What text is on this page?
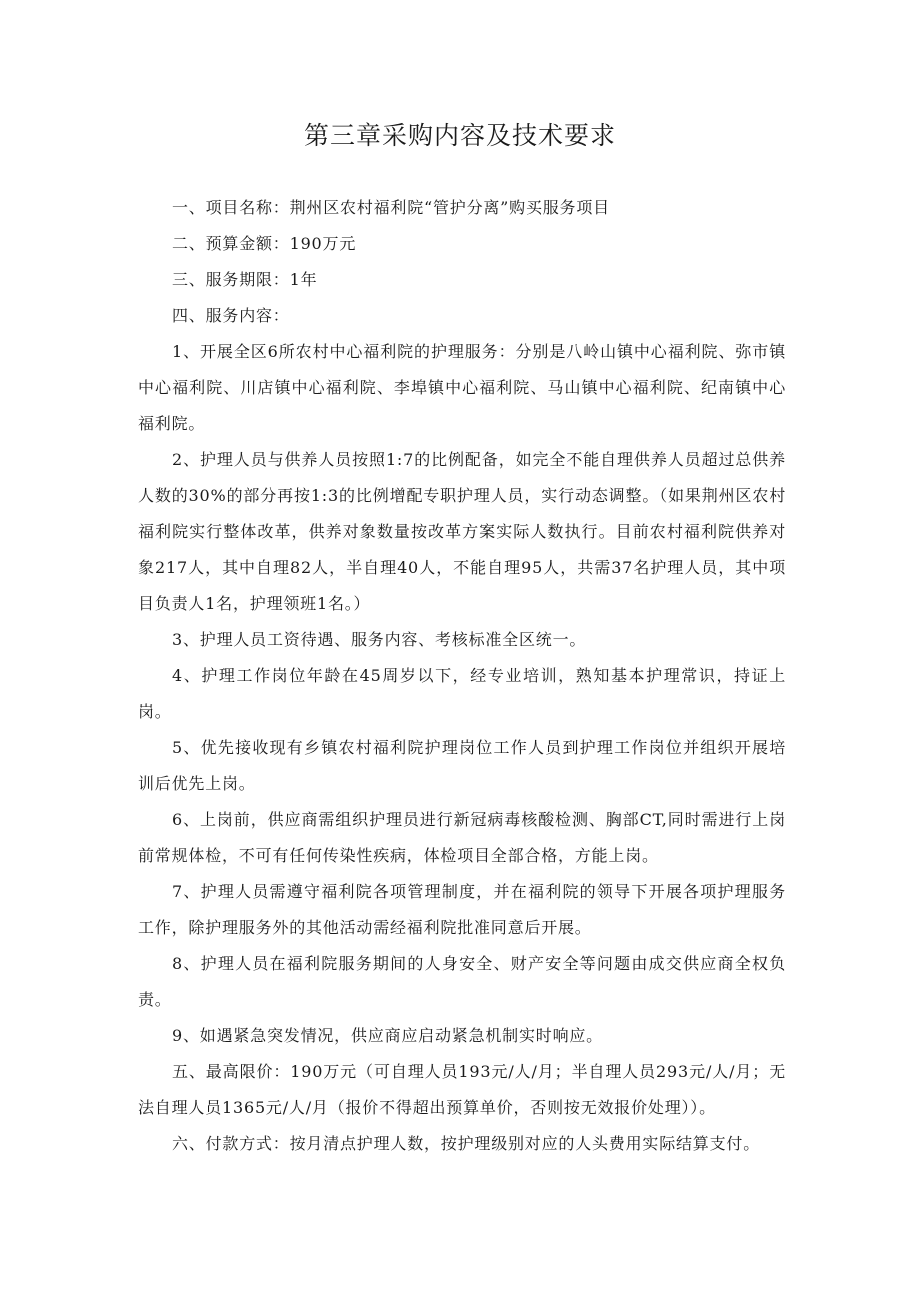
第三章采购内容及技术要求

一、项目名称：荆州区农村福利院“管护分离”购买服务项目

二、预算金额：190万元

三、服务期限：1年

四、服务内容：

1、开展全区6所农村中心福利院的护理服务：分别是八岭山镇中心福利院、弥市镇中心福利院、川店镇中心福利院、李埠镇中心福利院、马山镇中心福利院、纪南镇中心福利院。

2、护理人员与供养人员按照1:7的比例配备，如完全不能自理供养人员超过总供养人数的30%的部分再按1:3的比例增配专职护理人员，实行动态调整。（如果荆州区农村福利院实行整体改革，供养对象数量按改革方案实际人数执行。目前农村福利院供养对象217人，其中自理82人，半自理40人，不能自理95人，共需37名护理人员，其中项目负责人1名，护理领班1名。）

3、护理人员工资待遇、服务内容、考核标准全区统一。

4、护理工作岗位年龄在45周岁以下，经专业培训，熟知基本护理常识，持证上岗。

5、优先接收现有乡镇农村福利院护理岗位工作人员到护理工作岗位并组织开展培训后优先上岗。

6、上岗前，供应商需组织护理员进行新冠病毒核酸检测、胸部CT,同时需进行上岗前常规体检，不可有任何传染性疾病，体检项目全部合格，方能上岗。

7、护理人员需遵守福利院各项管理制度，并在福利院的领导下开展各项护理服务工作，除护理服务外的其他活动需经福利院批准同意后开展。

8、护理人员在福利院服务期间的人身安全、财产安全等问题由成交供应商全权负责。

9、如遇紧急突发情况，供应商应启动紧急机制实时响应。

五、最高限价：190万元（可自理人员193元/人/月；半自理人员293元/人/月；无法自理人员1365元/人/月（报价不得超出预算单价，否则按无效报价处理））。

六、付款方式：按月清点护理人数，按护理级别对应的人头费用实际结算支付。
